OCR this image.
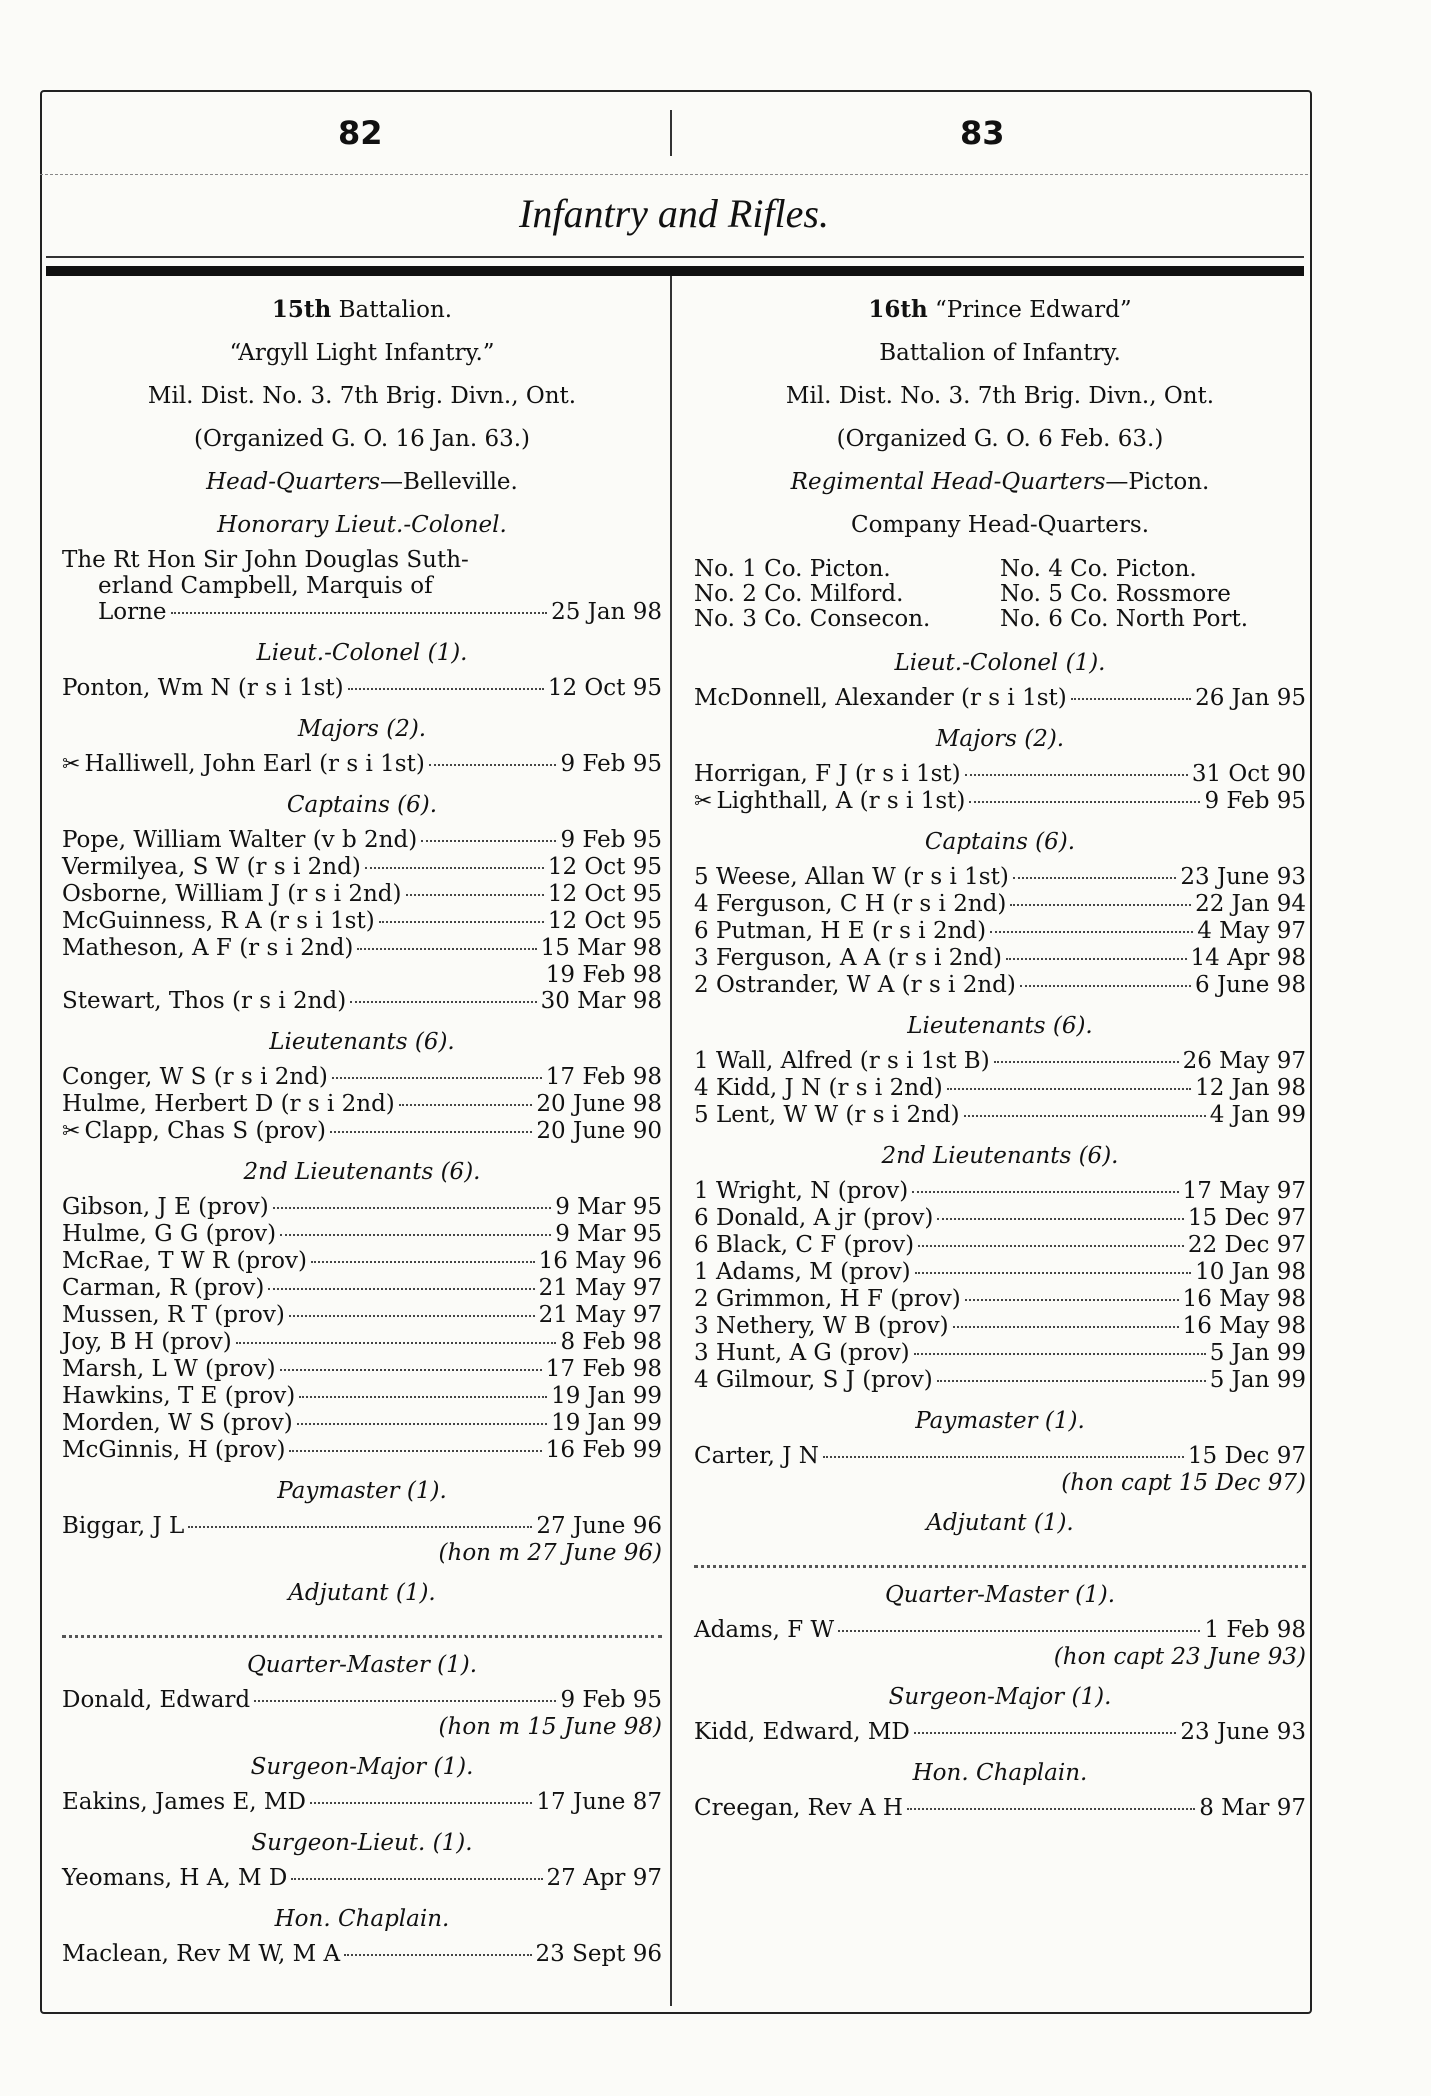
82	83
Infantry and Rifles.
15th Battalion.
“Argyll Light Infantry.”
Mil. Dist. No. 3. 7th Brig. Divn., Ont.
(Organized G. O. 16 Jan. 63.)
Head-Quarters—Belleville.
Honorary Lieut.-Colonel.
The Rt Hon Sir John Douglas Suth-
erland Campbell, Marquis of
Lorne	25 Jan 98
Lieut.-Colonel (1).
Ponton, Wm N (r s i 1st)	12 Oct 95
Majors (2).
✂ Halliwell, John Earl (r s i 1st)	9 Feb 95
Captains (6).
Pope, William Walter (v b 2nd)	9 Feb 95
Vermilyea, S W (r s i 2nd)	12 Oct 95
Osborne, William J (r s i 2nd)	12 Oct 95
McGuinness, R A (r s i 1st)	12 Oct 95
Matheson, A F (r s i 2nd)	15 Mar 98
19 Feb 98
Stewart, Thos (r s i 2nd)	30 Mar 98
Lieutenants (6).
Conger, W S (r s i 2nd)	17 Feb 98
Hulme, Herbert D (r s i 2nd)	20 June 98
✂ Clapp, Chas S (prov)	20 June 90
2nd Lieutenants (6).
Gibson, J E (prov)	9 Mar 95
Hulme, G G (prov)	9 Mar 95
McRae, T W R (prov)	16 May 96
Carman, R (prov)	21 May 97
Mussen, R T (prov)	21 May 97
Joy, B H (prov)	8 Feb 98
Marsh, L W (prov)	17 Feb 98
Hawkins, T E (prov)	19 Jan 99
Morden, W S (prov)	19 Jan 99
McGinnis, H (prov)	16 Feb 99
Paymaster (1).
Biggar, J L	27 June 96
(hon m 27 June 96)
Adjutant (1).
Quarter-Master (1).
Donald, Edward	9 Feb 95
(hon m 15 June 98)
Surgeon-Major (1).
Eakins, James E, MD	17 June 87
Surgeon-Lieut. (1).
Yeomans, H A, M D	27 Apr 97
Hon. Chaplain.
Maclean, Rev M W, M A	23 Sept 96
16th “Prince Edward”
Battalion of Infantry.
Mil. Dist. No. 3. 7th Brig. Divn., Ont.
(Organized G. O. 6 Feb. 63.)
Regimental Head-Quarters—Picton.
Company Head-Quarters.
No. 1 Co. Picton.	No. 4 Co. Picton.
No. 2 Co. Milford.	No. 5 Co. Rossmore
No. 3 Co. Consecon.	No. 6 Co. North Port.
Lieut.-Colonel (1).
McDonnell, Alexander (r s i 1st)	26 Jan 95
Majors (2).
Horrigan, F J (r s i 1st)	31 Oct 90
✂ Lighthall, A (r s i 1st)	9 Feb 95
Captains (6).
5 Weese, Allan W (r s i 1st)	23 June 93
4 Ferguson, C H (r s i 2nd)	22 Jan 94
6 Putman, H E (r s i 2nd)	4 May 97
3 Ferguson, A A (r s i 2nd)	14 Apr 98
2 Ostrander, W A (r s i 2nd)	6 June 98
Lieutenants (6).
1 Wall, Alfred (r s i 1st B)	26 May 97
4 Kidd, J N (r s i 2nd)	12 Jan 98
5 Lent, W W (r s i 2nd)	4 Jan 99
2nd Lieutenants (6).
1 Wright, N (prov)	17 May 97
6 Donald, A jr (prov)	15 Dec 97
6 Black, C F (prov)	22 Dec 97
1 Adams, M (prov)	10 Jan 98
2 Grimmon, H F (prov)	16 May 98
3 Nethery, W B (prov)	16 May 98
3 Hunt, A G (prov)	5 Jan 99
4 Gilmour, S J (prov)	5 Jan 99
Paymaster (1).
Carter, J N	15 Dec 97
(hon capt 15 Dec 97)
Adjutant (1).
Quarter-Master (1).
Adams, F W	1 Feb 98
(hon capt 23 June 93)
Surgeon-Major (1).
Kidd, Edward, MD	23 June 93
Hon. Chaplain.
Creegan, Rev A H	8 Mar 97
